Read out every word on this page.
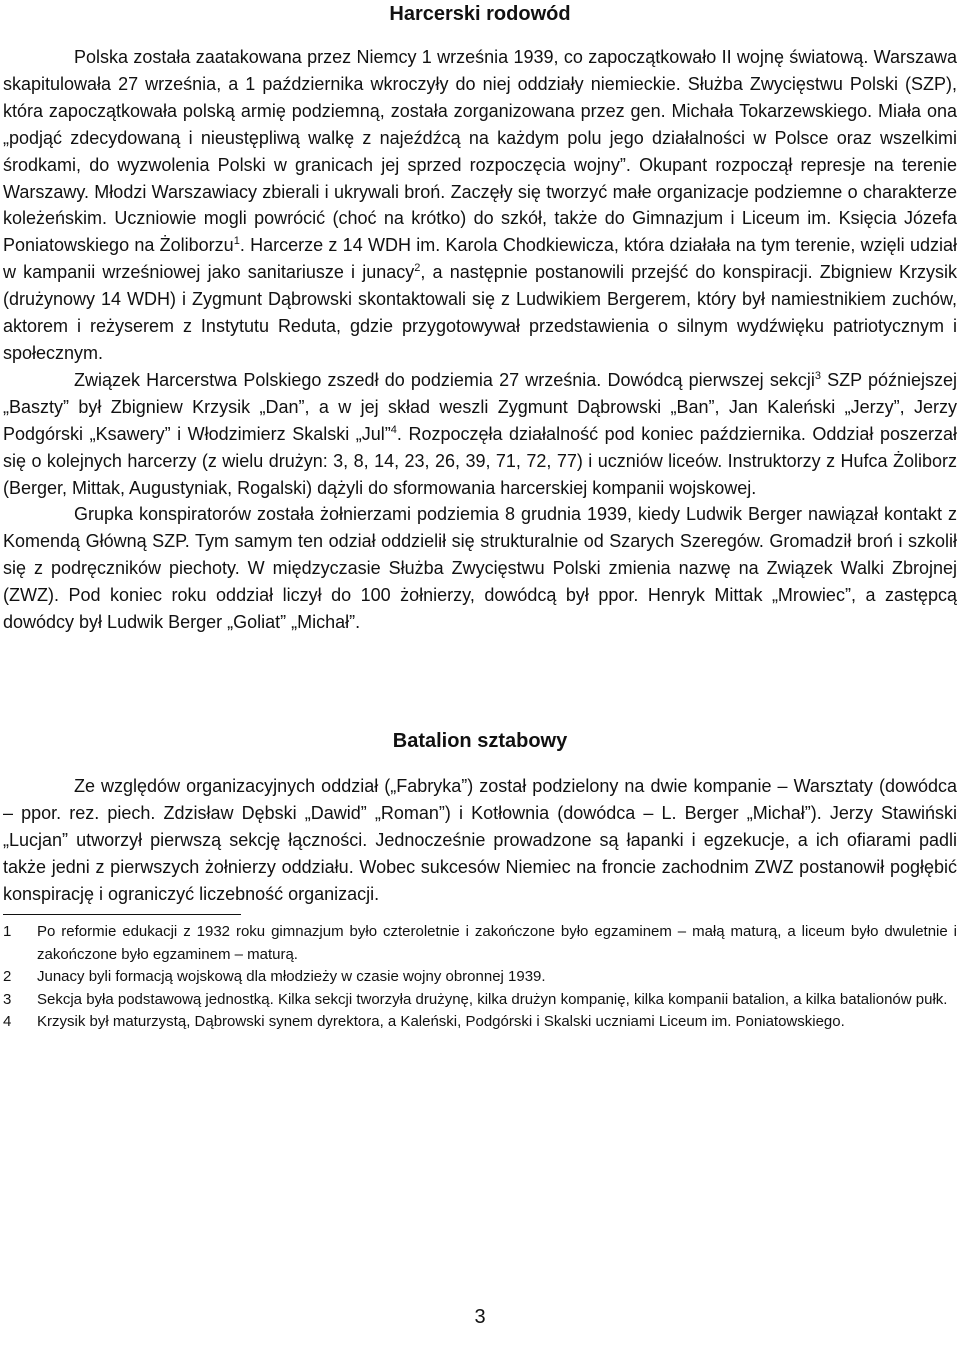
Harcerski rodowód

Polska została zaatakowana przez Niemcy 1 września 1939, co zapoczątkowało II wojnę światową. Warszawa skapitulowała 27 września, a 1 października wkroczyły do niej oddziały niemieckie. Służba Zwycięstwu Polski (SZP), która zapoczątkowała polską armię podziemną, została zorganizowana przez gen. Michała Tokarzewskiego. Miała ona „podjąć zdecydowaną i nieustępliwą walkę z najeźdźcą na każdym polu jego działalności w Polsce oraz wszelkimi środkami, do wyzwolenia Polski w granicach jej sprzed rozpoczęcia wojny”. Okupant rozpoczął represje na terenie Warszawy. Młodzi Warszawiacy zbierali i ukrywali broń. Zaczęły się tworzyć małe organizacje podziemne o charakterze koleżeńskim. Uczniowie mogli powrócić (choć na krótko) do szkół, także do Gimnazjum i Liceum im. Księcia Józefa Poniatowskiego na Żoliborzu$^1$. Harcerze z 14 WDH im. Karola Chodkiewicza, która działała na tym terenie, wzięli udział w kampanii wrześniowej jako sanitariusze i junacy$^2$, a następnie postanowili przejść do konspiracji. Zbigniew Krzysik (drużynowy 14 WDH) i Zygmunt Dąbrowski skontaktowali się z Ludwikiem Bergerem, który był namiestnikiem zuchów, aktorem i reżyserem z Instytutu Reduta, gdzie przygotowywał przedstawienia o silnym wydźwięku patriotycznym i społecznym.

Związek Harcerstwa Polskiego zszedł do podziemia 27 września. Dowódcą pierwszej sekcji$^3$ SZP późniejszej „Baszty” był Zbigniew Krzysik „Dan”, a w jej skład weszli Zygmunt Dąbrowski „Ban”, Jan Kaleński „Jerzy”, Jerzy Podgórski „Ksawery” i Włodzimierz Skalski „Jul”$^4$. Rozpoczęła działalność pod koniec października. Oddział poszerzał się o kolejnych harcerzy (z wielu drużyn: 3, 8, 14, 23, 26, 39, 71, 72, 77) i uczniów liceów. Instruktorzy z Hufca Żoliborz (Berger, Mittak, Augustyniak, Rogalski) dążyli do sformowania harcerskiej kompanii wojskowej.

Grupka konspiratorów została żołnierzami podziemia 8 grudnia 1939, kiedy Ludwik Berger nawiązał kontakt z Komendą Główną SZP. Tym samym ten odział oddzielił się strukturalnie od Szarych Szeregów. Gromadził broń i szkolił się z podręczników piechoty. W międzyczasie Służba Zwycięstwu Polski zmienia nazwę na Związek Walki Zbrojnej (ZWZ). Pod koniec roku oddział liczył do 100 żołnierzy, dowódcą był ppor. Henryk Mittak „Mrowiec”, a zastępcą dowódcy był Ludwik Berger „Goliat” „Michał”.

Batalion sztabowy

Ze względów organizacyjnych oddział („Fabryka”) został podzielony na dwie kompanie – Warsztaty (dowódca – ppor. rez. piech. Zdzisław Dębski „Dawid” „Roman”) i Kotłownia (dowódca – L. Berger „Michał”). Jerzy Stawiński „Lucjan” utworzył pierwszą sekcję łączności. Jednocześnie prowadzone są łapanki i egzekucje, a ich ofiarami padli także jedni z pierwszych żołnierzy oddziału. Wobec sukcesów Niemiec na froncie zachodnim ZWZ postanowił pogłębić konspirację i ograniczyć liczebność organizacji.

1	Po reformie edukacji z 1932 roku gimnazjum było czteroletnie i zakończone było egzaminem – małą maturą, a liceum było dwuletnie i zakończone było egzaminem – maturą.
2	Junacy byli formacją wojskową dla młodzieży w czasie wojny obronnej 1939.
3	Sekcja była podstawową jednostką. Kilka sekcji tworzyła drużynę, kilka drużyn kompanię, kilka kompanii batalion, a kilka batalionów pułk.
4	Krzysik był maturzystą, Dąbrowski synem dyrektora, a Kaleński, Podgórski i Skalski uczniami Liceum im. Poniatowskiego.
3
